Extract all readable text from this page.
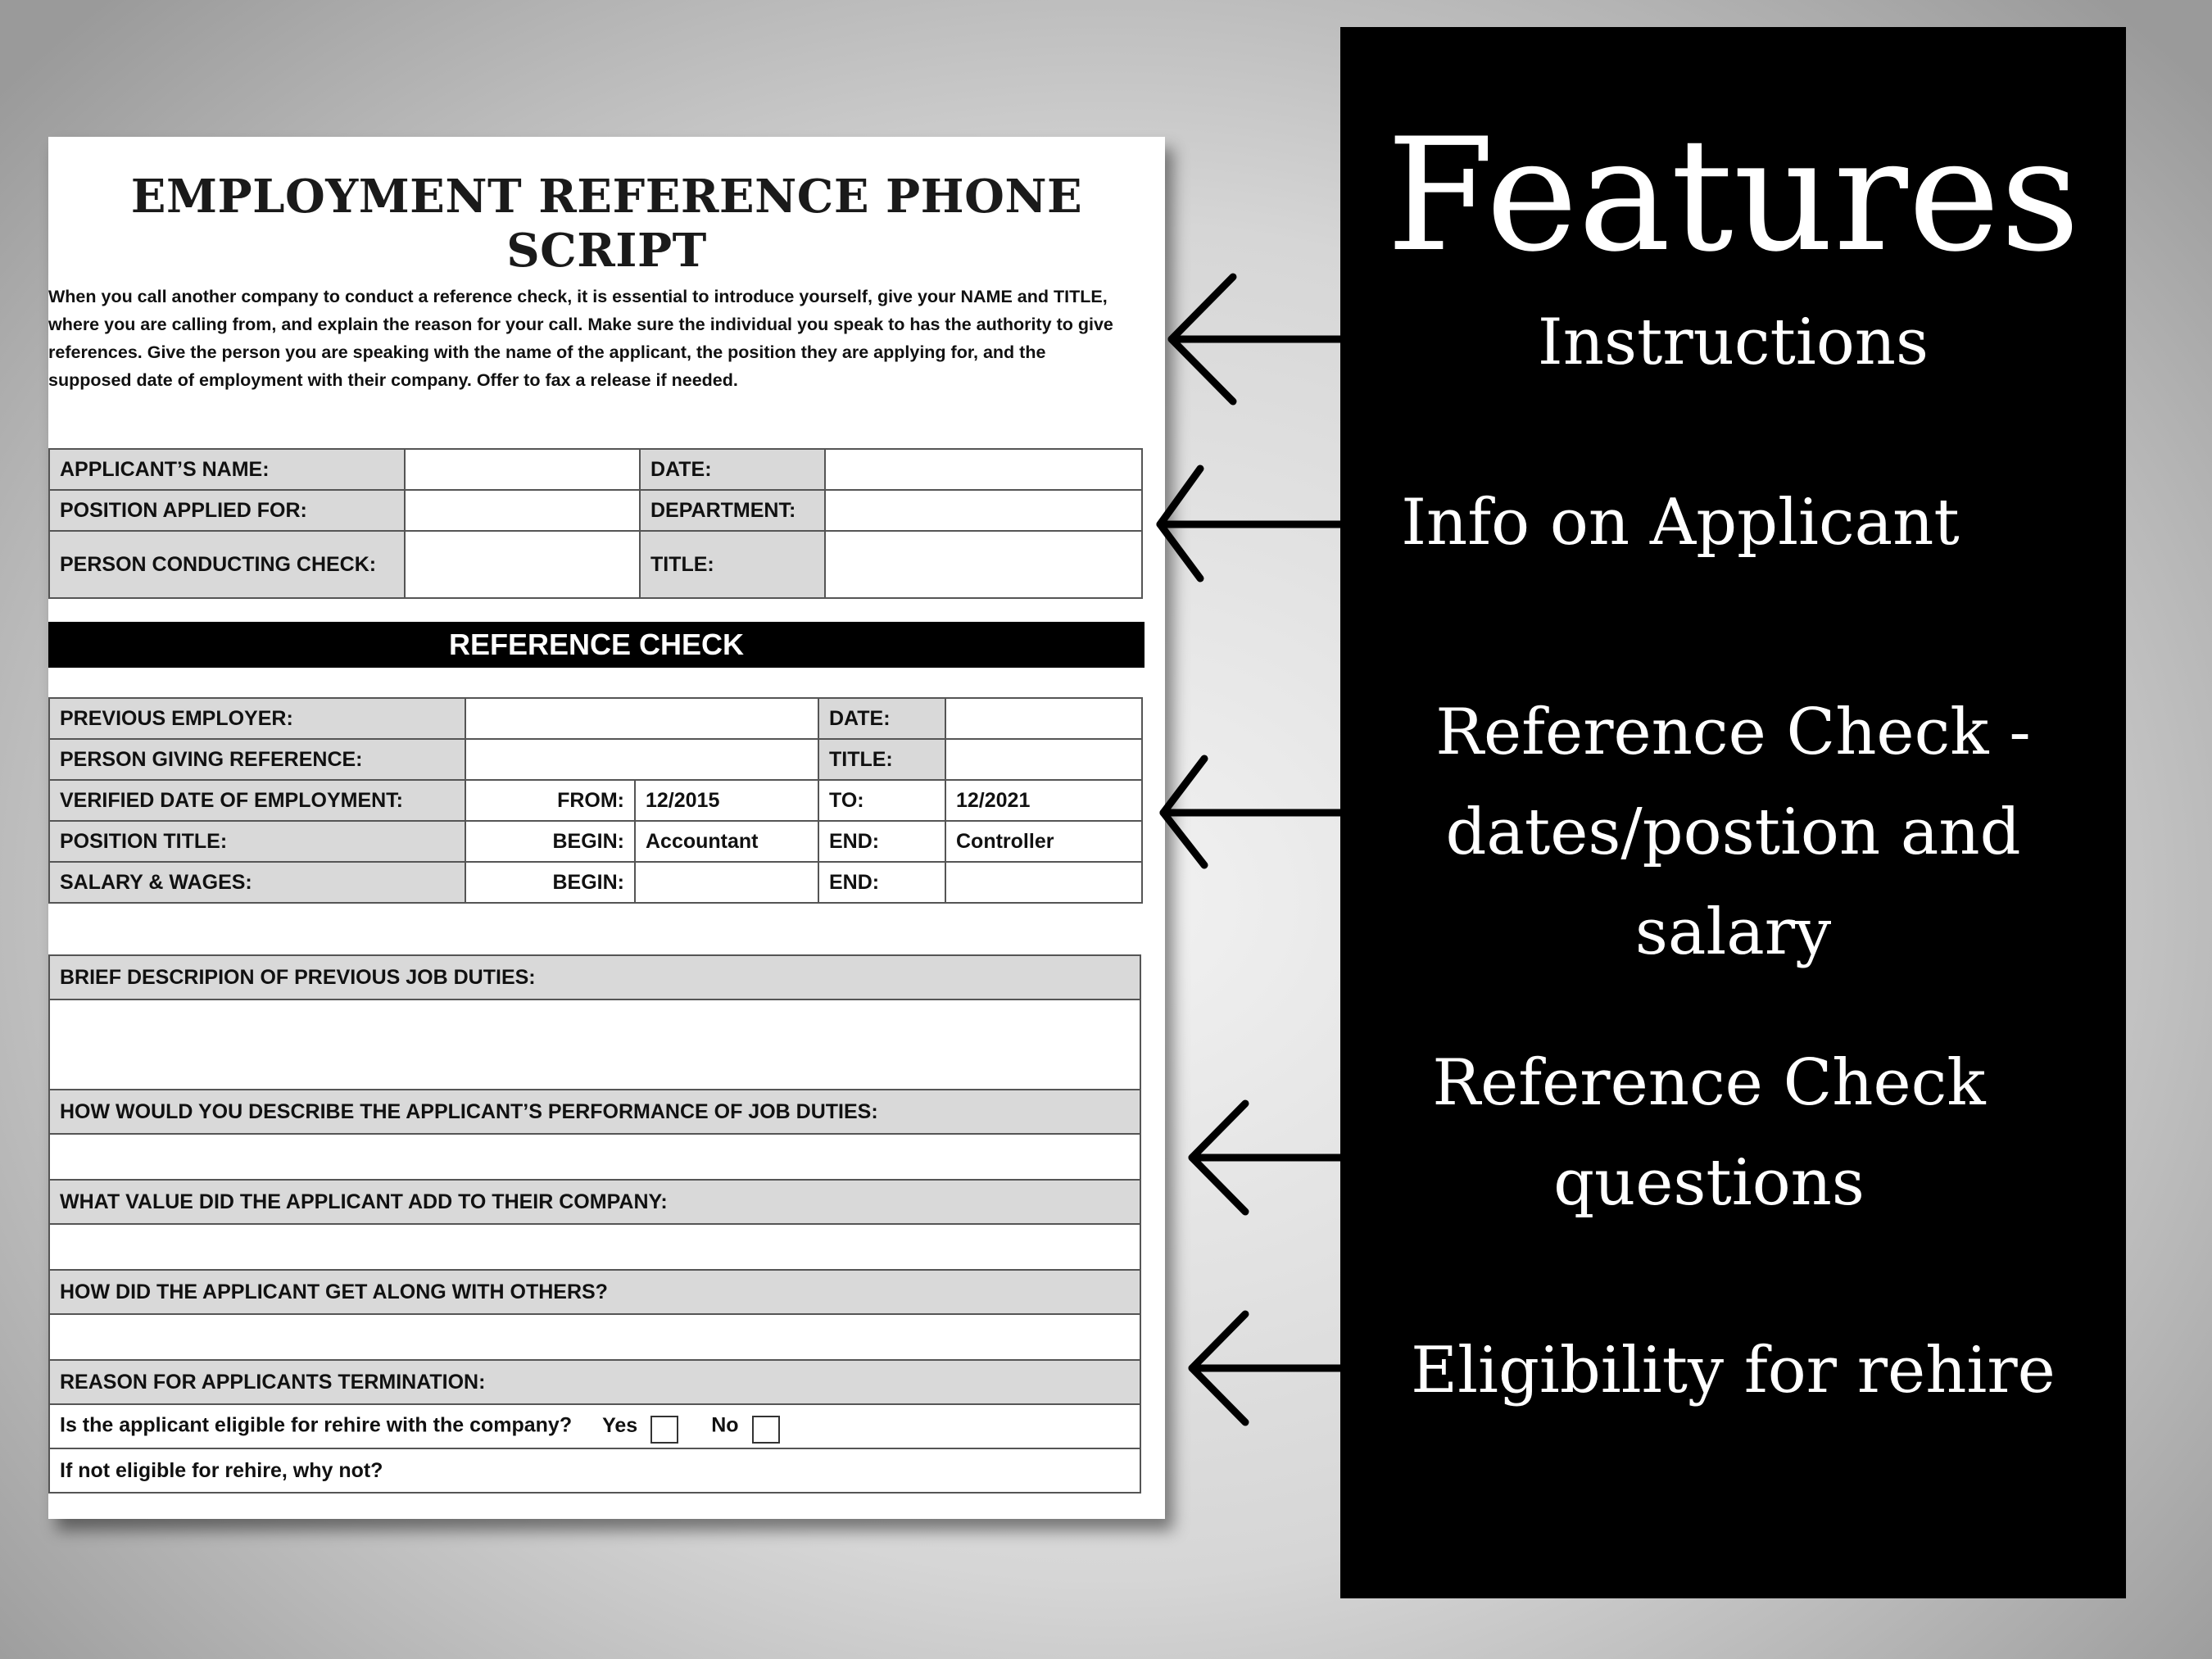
EMPLOYMENT REFERENCE PHONE SCRIPT
When you call another company to conduct a reference check, it is essential to introduce yourself, give your NAME and TITLE, where you are calling from, and explain the reason for your call. Make sure the individual you speak to has the authority to give references. Give the person you are speaking with the name of the applicant, the position they are applying for, and the supposed date of employment with their company. Offer to fax a release if needed.
APPLICANT’S NAME:		DATE:	
POSITION APPLIED FOR:		DEPARTMENT:	
PERSON CONDUCTING CHECK:		TITLE:	
REFERENCE CHECK
PREVIOUS EMPLOYER:			DATE:	
PERSON GIVING REFERENCE:			TITLE:	
VERIFIED DATE OF EMPLOYMENT:	FROM:	12/2015	TO:	12/2021
POSITION TITLE:	BEGIN:	Accountant	END:	Controller
SALARY & WAGES:	BEGIN:		END:	
BRIEF DESCRIPION OF PREVIOUS JOB DUTIES:

HOW WOULD YOU DESCRIBE THE APPLICANT’S PERFORMANCE OF JOB DUTIES:

WHAT VALUE DID THE APPLICANT ADD TO THEIR COMPANY:

HOW DID THE APPLICANT GET ALONG WITH OTHERS?

REASON FOR APPLICANTS TERMINATION:
Is the applicant eligible for rehire with the company? Yes	No
If not eligible for rehire, why not?
Features
Instructions
Info on Applicant
Reference Check - dates/postion and salary
Reference Check questions
Eligibility for rehire
